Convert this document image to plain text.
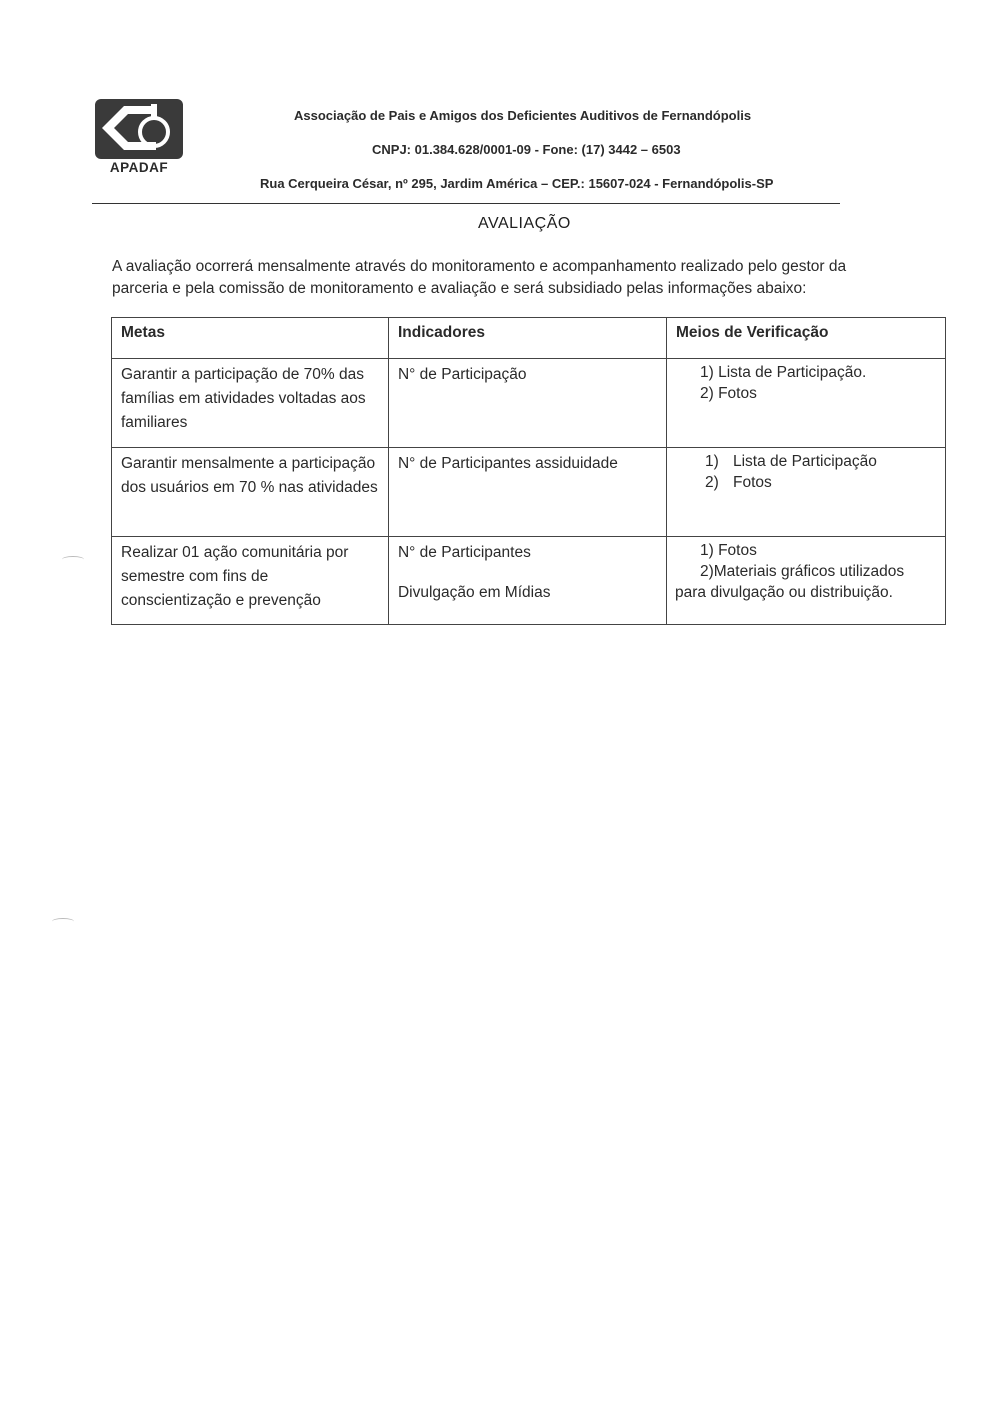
APADAF
Associação de Pais e Amigos dos Deficientes Auditivos de Fernandópolis
CNPJ: 01.384.628/0001-09 - Fone: (17) 3442 – 6503
Rua Cerqueira César, nº 295, Jardim América – CEP.: 15607-024 - Fernandópolis-SP
AVALIAÇÃO
A avaliação ocorrerá mensalmente através do monitoramento e acompanhamento realizado pelo gestor da
parceria e pela comissão de monitoramento e avaliação e será subsidiado pelas informações abaixo:
Metas	Indicadores	Meios de Verificação

Garantir a participação de 70% das famílias em atividades voltadas aos familiares	N° de Participação	1) Lista de Participação.
2) Fotos

Garantir mensalmente a participação dos usuários em 70 % nas atividades	N° de Participantes assiduidade	1) Lista de Participação
2) Fotos

Realizar 01 ação comunitária por semestre com fins de conscientização e prevenção	N° de Participantes
Divulgação em Mídias	1) Fotos
2)Materiais gráficos utilizados
para divulgação ou distribuição.
